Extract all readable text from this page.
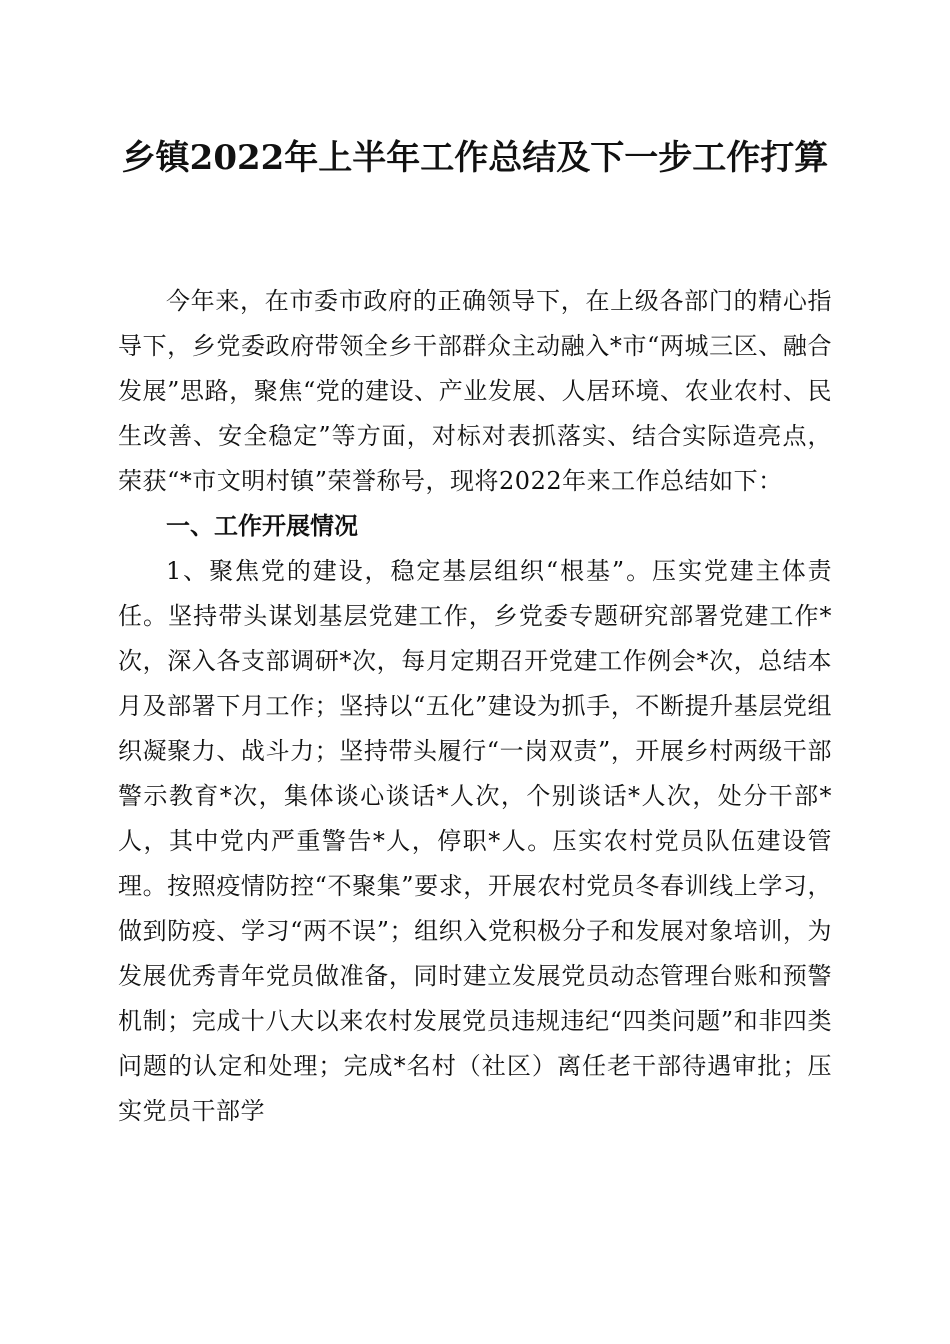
乡镇2022年上半年工作总结及下一步工作打算

今年来，在市委市政府的正确领导下，在上级各部门的精心指导下，乡党委政府带领全乡干部群众主动融入*市“两城三区、融合发展”思路，聚焦“党的建设、产业发展、人居环境、农业农村、民生改善、安全稳定”等方面，对标对表抓落实、结合实际造亮点，荣获“*市文明村镇”荣誉称号，现将2022年来工作总结如下：

一、工作开展情况

1、聚焦党的建设，稳定基层组织“根基”。压实党建主体责任。坚持带头谋划基层党建工作，乡党委专题研究部署党建工作*次，深入各支部调研*次，每月定期召开党建工作例会*次，总结本月及部署下月工作；坚持以“五化”建设为抓手，不断提升基层党组织凝聚力、战斗力；坚持带头履行“一岗双责”，开展乡村两级干部警示教育*次，集体谈心谈话*人次，个别谈话*人次，处分干部*人，其中党内严重警告*人，停职*人。压实农村党员队伍建设管理。按照疫情防控“不聚集”要求，开展农村党员冬春训线上学习，做到防疫、学习“两不误”；组织入党积极分子和发展对象培训，为发展优秀青年党员做准备，同时建立发展党员动态管理台账和预警机制；完成十八大以来农村发展党员违规违纪“四类问题”和非四类问题的认定和处理；完成*名村（社区）离任老干部待遇审批；压实党员干部学
